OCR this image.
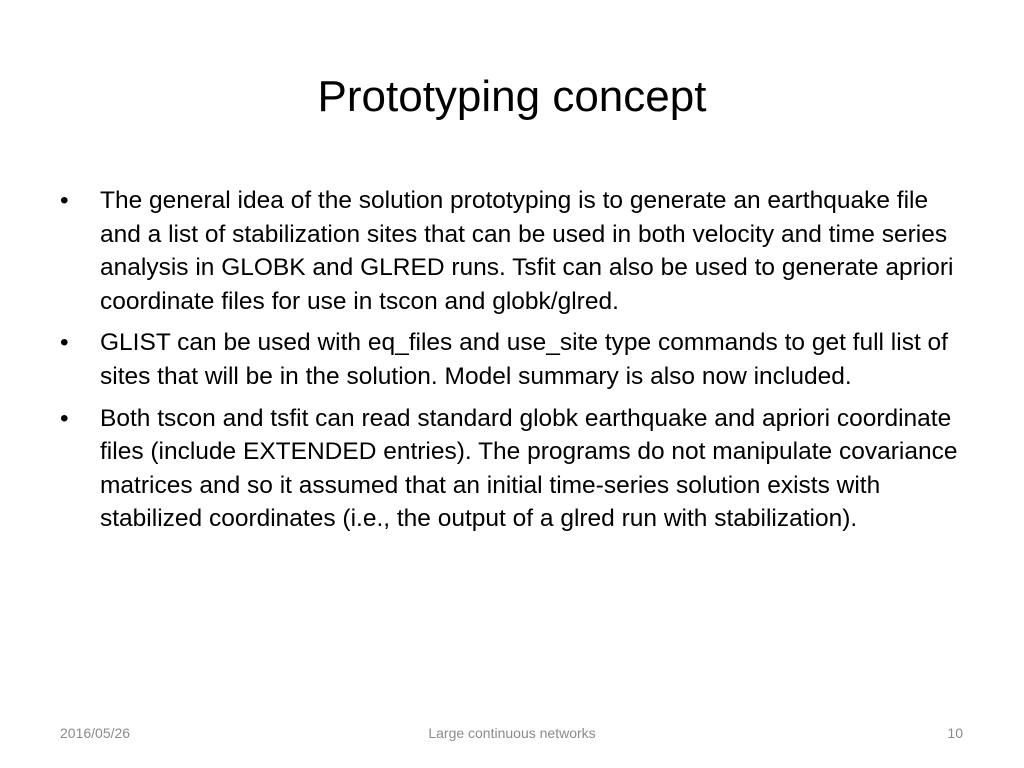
Prototyping concept
•	The general idea of the solution prototyping is to generate an earthquake file and a list of stabilization sites that can be used in both velocity and time series analysis in GLOBK and GLRED runs. Tsfit can also be used to generate apriori coordinate files for use in tscon and globk/glred.
•	GLIST can be used with eq_files and use_site type commands to get full list of sites that will be in the solution. Model summary is also now included.
•	Both tscon and tsfit can read standard globk earthquake and apriori coordinate files (include EXTENDED entries). The programs do not manipulate covariance matrices and so it assumed that an initial time-series solution exists with stabilized coordinates (i.e., the output of a glred run with stabilization).
2016/05/26	Large continuous networks	10
